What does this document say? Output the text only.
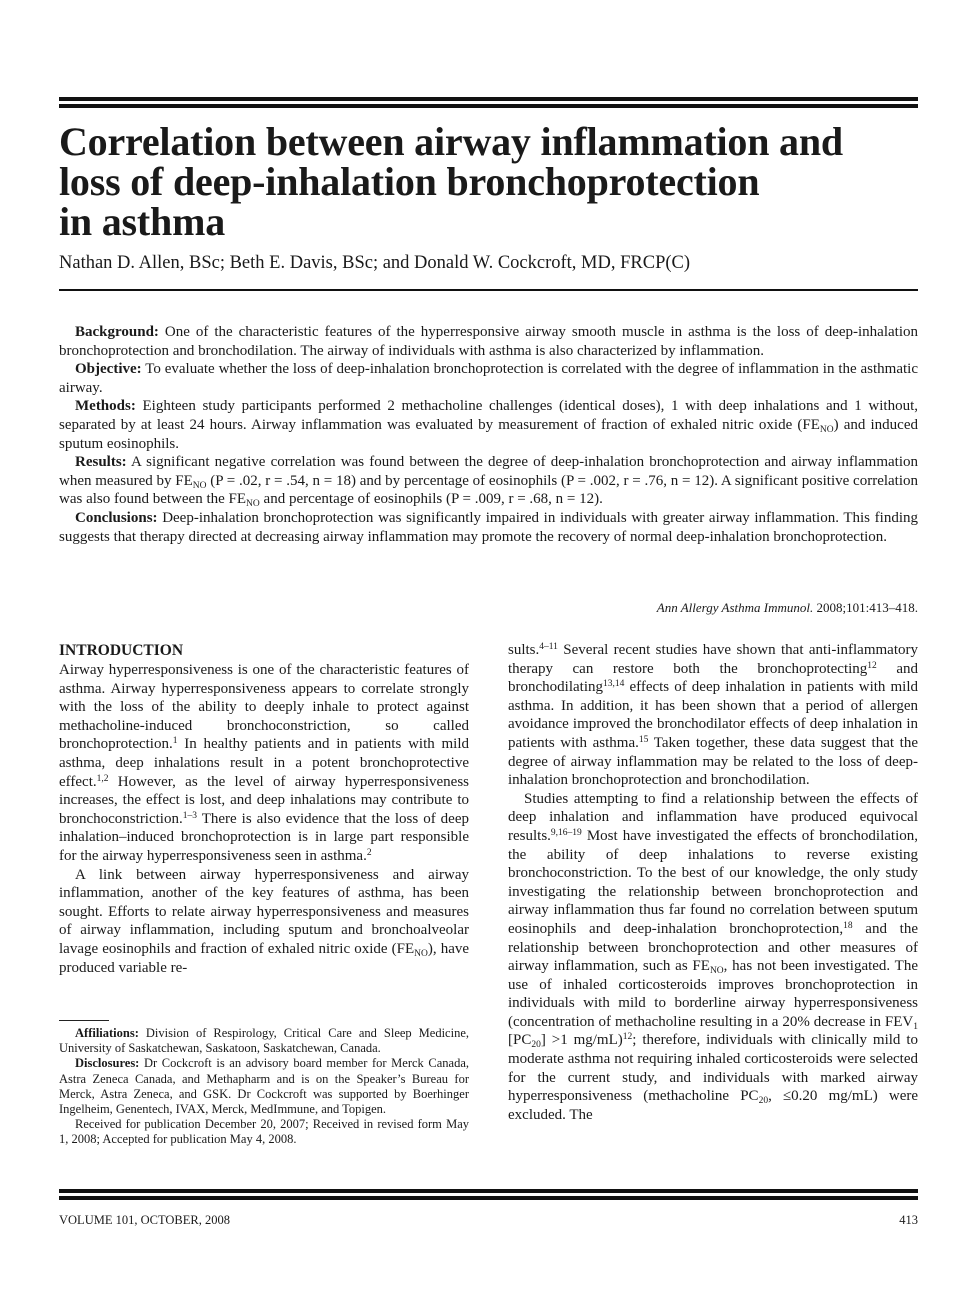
Correlation between airway inflammation and
loss of deep-inhalation bronchoprotection
in asthma
Nathan D. Allen, BSc; Beth E. Davis, BSc; and Donald W. Cockcroft, MD, FRCP(C)

Background: One of the characteristic features of the hyperresponsive airway smooth muscle in asthma is the loss of deep-inhalation bronchoprotection and bronchodilation. The airway of individuals with asthma is also characterized by inflammation.

Objective: To evaluate whether the loss of deep-inhalation bronchoprotection is correlated with the degree of inflammation in the asthmatic airway.

Methods: Eighteen study participants performed 2 methacholine challenges (identical doses), 1 with deep inhalations and 1 without, separated by at least 24 hours. Airway inflammation was evaluated by measurement of fraction of exhaled nitric oxide $(FE_{NO})$ and induced sputum eosinophils.

Results: A significant negative correlation was found between the degree of deep-inhalation bronchoprotection and airway inflammation when measured by $FE_{NO}$ (P = .02, r = .54, n = 18) and by percentage of eosinophils (P = .002, r = .76, n = 12). A significant positive correlation was also found between the $FE_{NO}$ and percentage of eosinophils (P = .009, r = .68, n = 12).

Conclusions: Deep-inhalation bronchoprotection was significantly impaired in individuals with greater airway inflammation. This finding suggests that therapy directed at decreasing airway inflammation may promote the recovery of normal deep-inhalation bronchoprotection.

Ann Allergy Asthma Immunol. 2008;101:413–418.
INTRODUCTION

Airway hyperresponsiveness is one of the characteristic features of asthma. Airway hyperresponsiveness appears to correlate strongly with the loss of the ability to deeply inhale to protect against methacholine-induced bronchoconstriction, so called bronchoprotection.$^1$ In healthy patients and in patients with mild asthma, deep inhalations result in a potent bronchoprotective effect.$^{1,2}$ However, as the level of airway hyperresponsiveness increases, the effect is lost, and deep inhalations may contribute to bronchoconstriction.$^{1-3}$ There is also evidence that the loss of deep inhalation–induced bronchoprotection is in large part responsible for the airway hyperresponsiveness seen in asthma.$^2$

A link between airway hyperresponsiveness and airway inflammation, another of the key features of asthma, has been sought. Efforts to relate airway hyperresponsiveness and measures of airway inflammation, including sputum and bronchoalveolar lavage eosinophils and fraction of exhaled nitric oxide $(FE_{NO})$, have produced variable re-

Affiliations: Division of Respirology, Critical Care and Sleep Medicine, University of Saskatchewan, Saskatoon, Saskatchewan, Canada.

Disclosures: Dr Cockcroft is an advisory board member for Merck Canada, Astra Zeneca Canada, and Methapharm and is on the Speaker’s Bureau for Merck, Astra Zeneca, and GSK. Dr Cockcroft was supported by Boerhinger Ingelheim, Genentech, IVAX, Merck, MedImmune, and Topigen.

Received for publication December 20, 2007; Received in revised form May 1, 2008; Accepted for publication May 4, 2008.

sults.$^{4-11}$ Several recent studies have shown that anti-inflammatory therapy can restore both the bronchoprotecting$^{12}$ and bronchodilating$^{13,14}$ effects of deep inhalation in patients with mild asthma. In addition, it has been shown that a period of allergen avoidance improved the bronchodilator effects of deep inhalation in patients with asthma.$^{15}$ Taken together, these data suggest that the degree of airway inflammation may be related to the loss of deep-inhalation bronchoprotection and bronchodilation.

Studies attempting to find a relationship between the effects of deep inhalation and inflammation have produced equivocal results.$^{9,16-19}$ Most have investigated the effects of bronchodilation, the ability of deep inhalations to reverse existing bronchoconstriction. To the best of our knowledge, the only study investigating the relationship between bronchoprotection and airway inflammation thus far found no correlation between sputum eosinophils and deep-inhalation bronchoprotection,$^{18}$ and the relationship between bronchoprotection and other measures of airway inflammation, such as $FE_{NO}$, has not been investigated. The use of inhaled corticosteroids improves bronchoprotection in individuals with mild to borderline airway hyperresponsiveness (concentration of methacholine resulting in a 20% decrease in $FEV_1$ $[PC_{20}] >1$ mg/mL)$^{12}$; therefore, individuals with clinically mild to moderate asthma not requiring inhaled corticosteroids were selected for the current study, and individuals with marked airway hyperresponsiveness (methacholine $PC_{20}$, ≤0.20 mg/mL) were excluded. The

VOLUME 101, OCTOBER, 2008	413
